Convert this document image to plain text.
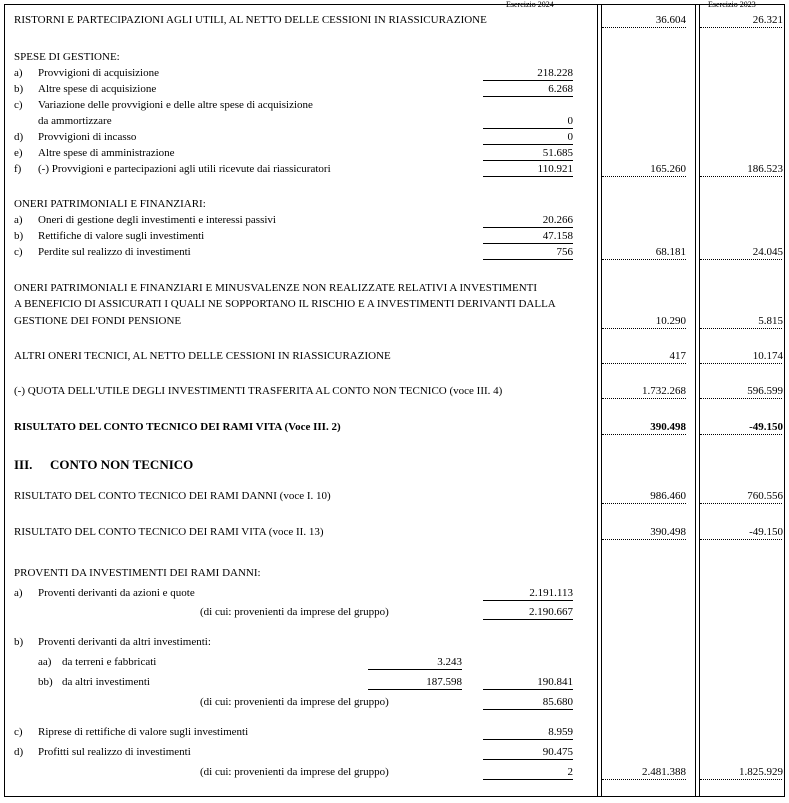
Esercizio 2024	Esercizio 2023
RISTORNI E PARTECIPAZIONI AGLI UTILI, AL NETTO DELLE CESSIONI IN RIASSICURAZIONE	36.604	26.321
SPESE DI GESTIONE:
a) Provvigioni di acquisizione	218.228
b) Altre spese di acquisizione	6.268
c) Variazione delle provvigioni e delle altre spese di acquisizione
da ammortizzare	0
d) Provvigioni di incasso	0
e) Altre spese di amministrazione	51.685
f) (-) Provvigioni e partecipazioni agli utili ricevute dai riassicuratori	110.921	165.260	186.523
ONERI PATRIMONIALI E FINANZIARI:
a) Oneri di gestione degli investimenti e interessi passivi	20.266
b) Rettifiche di valore sugli investimenti	47.158
c) Perdite sul realizzo di investimenti	756	68.181	24.045
ONERI PATRIMONIALI E FINANZIARI E MINUSVALENZE NON REALIZZATE RELATIVI A INVESTIMENTI
A BENEFICIO DI ASSICURATI I QUALI NE SOPPORTANO IL RISCHIO E A INVESTIMENTI DERIVANTI DALLA
GESTIONE DEI FONDI PENSIONE	10.290	5.815
ALTRI ONERI TECNICI, AL NETTO DELLE CESSIONI IN RIASSICURAZIONE	417	10.174
(-) QUOTA DELL'UTILE DEGLI INVESTIMENTI TRASFERITA AL CONTO NON TECNICO (voce III. 4)	1.732.268	596.599
RISULTATO DEL CONTO TECNICO DEI RAMI VITA (Voce III. 2)	390.498	-49.150
III. CONTO NON TECNICO
RISULTATO DEL CONTO TECNICO DEI RAMI DANNI (voce I. 10)	986.460	760.556
RISULTATO DEL CONTO TECNICO DEI RAMI VITA (voce II. 13)	390.498	-49.150
PROVENTI DA INVESTIMENTI DEI RAMI DANNI:
a) Proventi derivanti da azioni e quote	2.191.113
(di cui: provenienti da imprese del gruppo)	2.190.667
b) Proventi derivanti da altri investimenti:
aa) da terreni e fabbricati	3.243
bb) da altri investimenti	187.598	190.841
(di cui: provenienti da imprese del gruppo)	85.680
c) Riprese di rettifiche di valore sugli investimenti	8.959
d) Profitti sul realizzo di investimenti	90.475
(di cui: provenienti da imprese del gruppo)	2	2.481.388	1.825.929
